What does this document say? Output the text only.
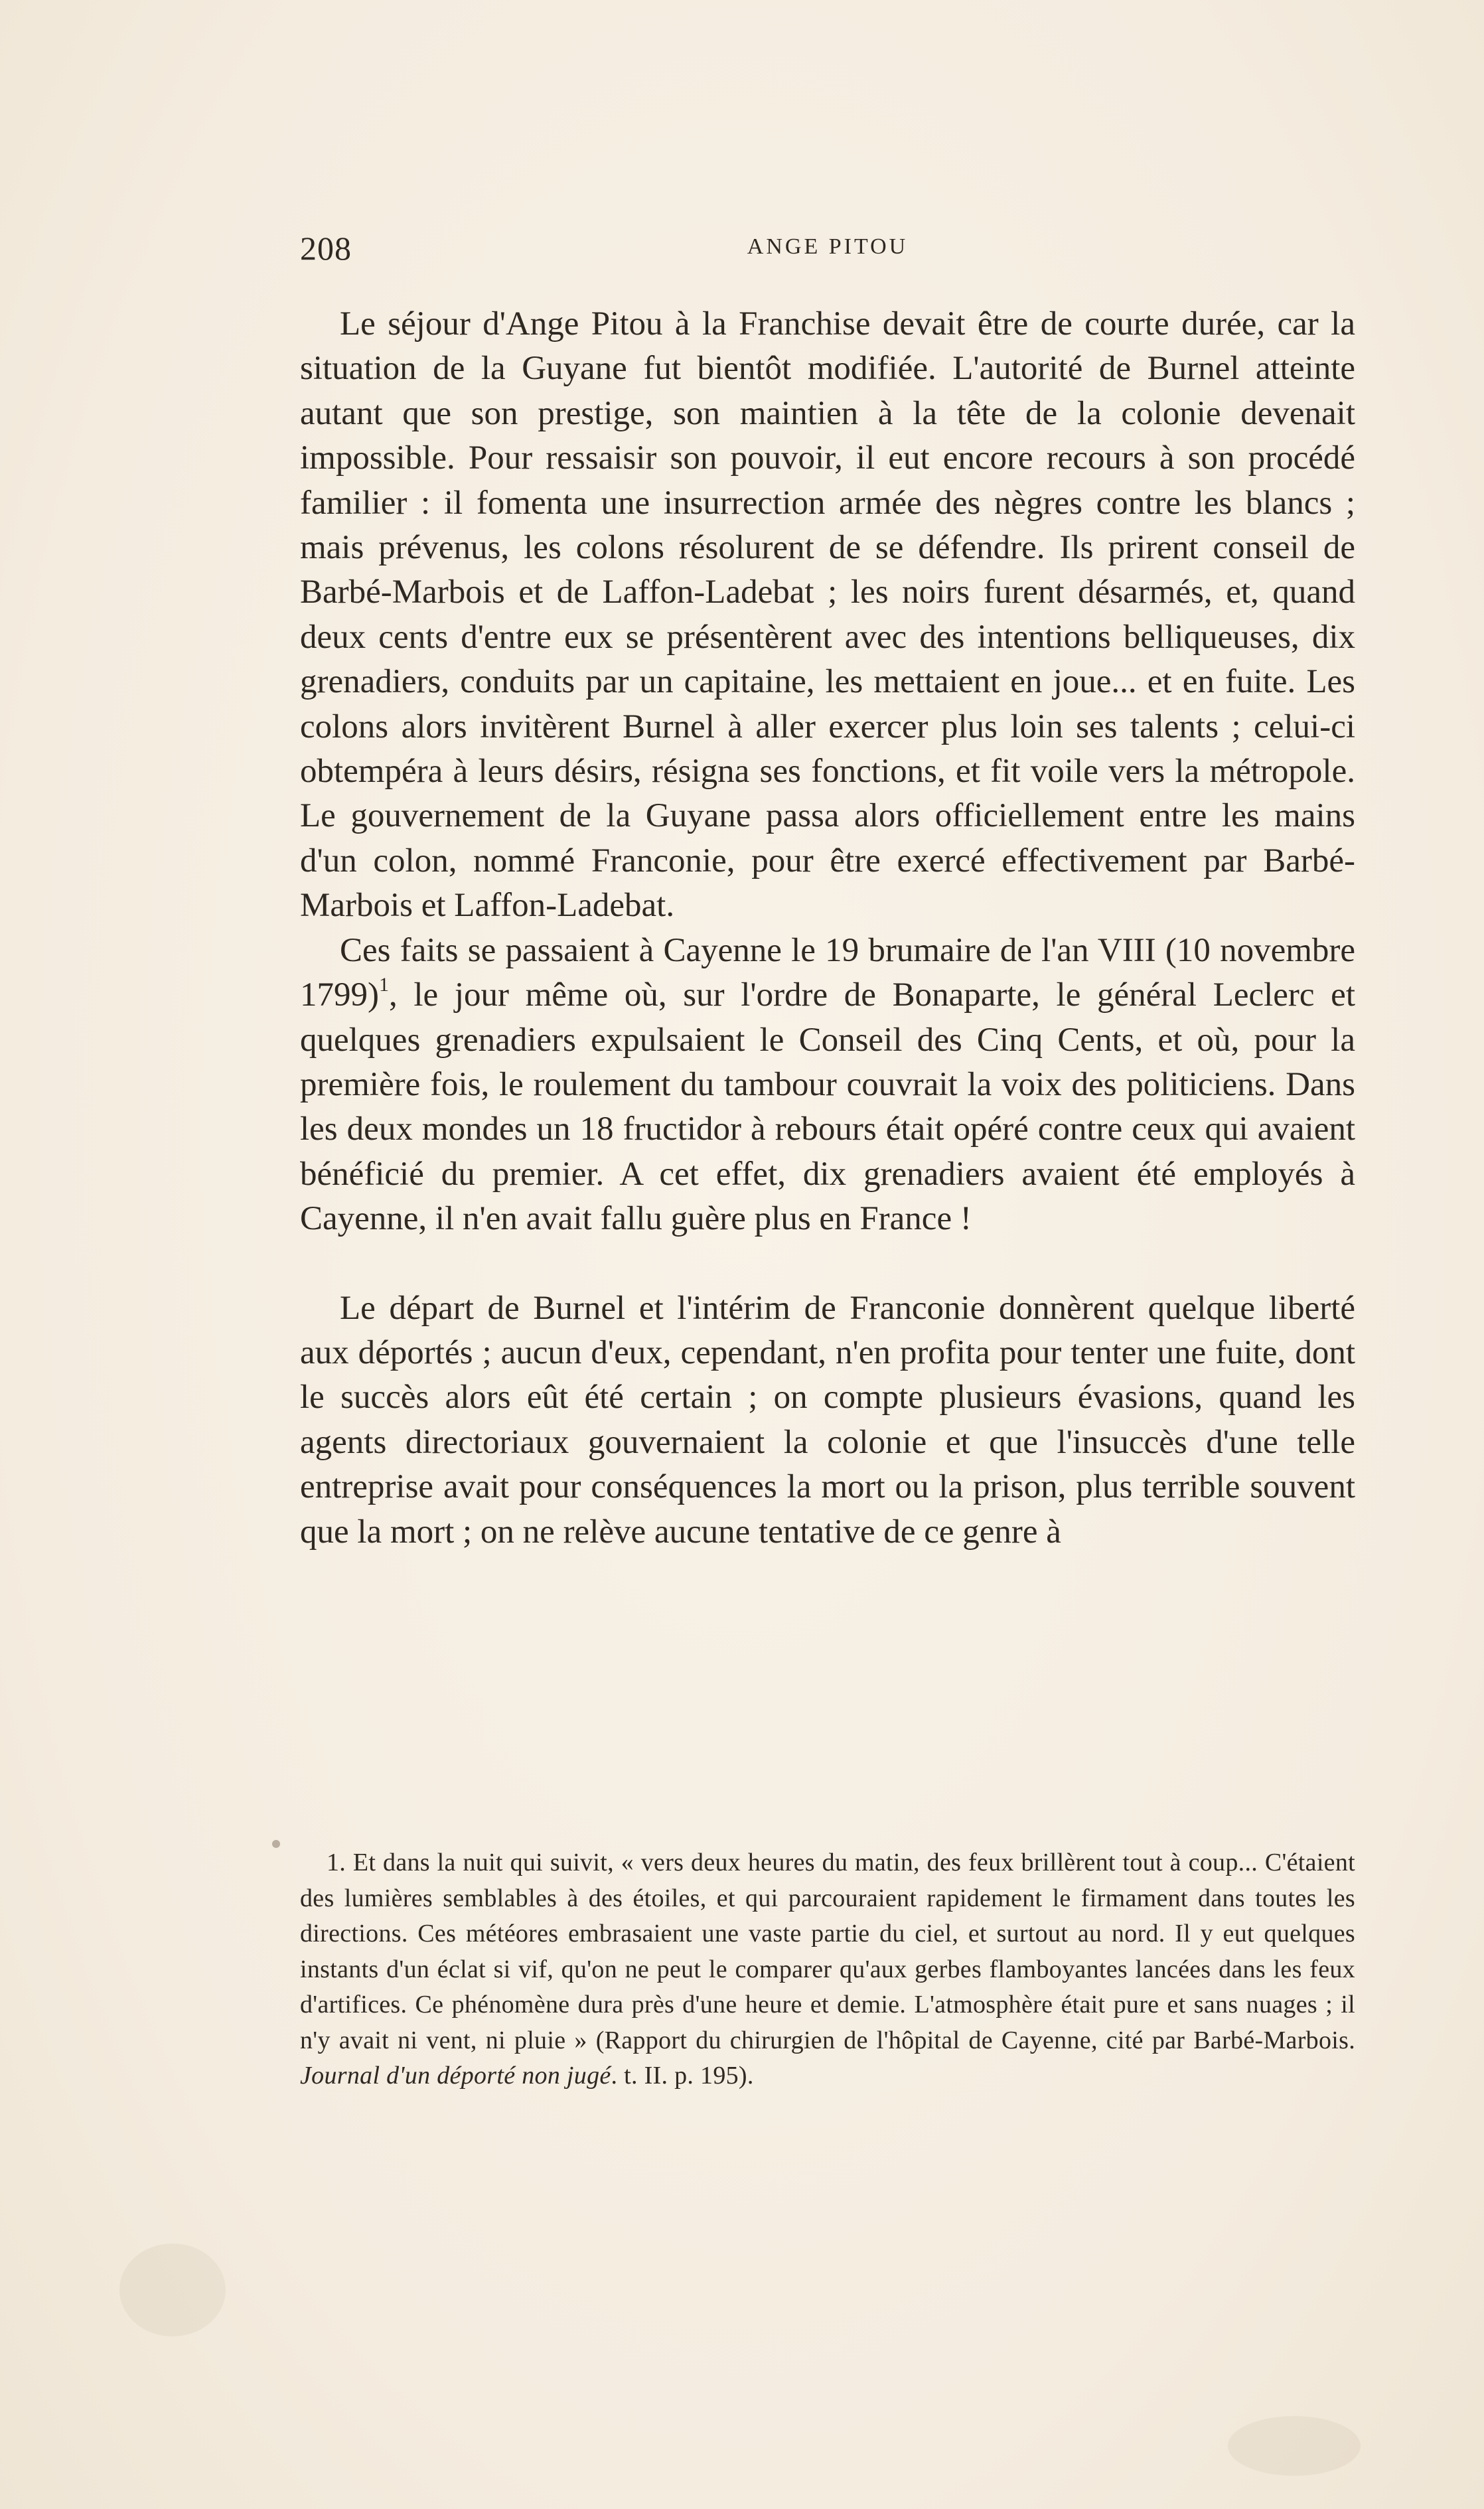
208	ANGE PITOU

Le séjour d'Ange Pitou à la Franchise devait être de courte durée, car la situation de la Guyane fut bientôt modifiée. L'autorité de Burnel atteinte autant que son prestige, son maintien à la tête de la colonie devenait impossible. Pour ressaisir son pouvoir, il eut encore recours à son procédé familier : il fomenta une insurrection armée des nègres contre les blancs ; mais prévenus, les colons résolurent de se défendre. Ils prirent conseil de Barbé-Marbois et de Laffon-Ladebat ; les noirs furent désarmés, et, quand deux cents d'entre eux se présentèrent avec des intentions belliqueuses, dix grenadiers, conduits par un capitaine, les mettaient en joue... et en fuite. Les colons alors invitèrent Burnel à aller exercer plus loin ses talents ; celui-ci obtempéra à leurs désirs, résigna ses fonctions, et fit voile vers la métropole. Le gouvernement de la Guyane passa alors officiellement entre les mains d'un colon, nommé Franconie, pour être exercé effectivement par Barbé-Marbois et Laffon-Ladebat.

Ces faits se passaient à Cayenne le 19 brumaire de l'an VIII (10 novembre 1799)$^1$, le jour même où, sur l'ordre de Bonaparte, le général Leclerc et quelques grenadiers expulsaient le Conseil des Cinq Cents, et où, pour la première fois, le roulement du tambour couvrait la voix des politiciens. Dans les deux mondes un 18 fructidor à rebours était opéré contre ceux qui avaient bénéficié du premier. A cet effet, dix grenadiers avaient été employés à Cayenne, il n'en avait fallu guère plus en France !

Le départ de Burnel et l'intérim de Franconie donnèrent quelque liberté aux déportés ; aucun d'eux, cependant, n'en profita pour tenter une fuite, dont le succès alors eût été certain ; on compte plusieurs évasions, quand les agents directoriaux gouvernaient la colonie et que l'insuccès d'une telle entreprise avait pour conséquences la mort ou la prison, plus terrible souvent que la mort ; on ne relève aucune tentative de ce genre à

1. Et dans la nuit qui suivit, « vers deux heures du matin, des feux brillèrent tout à coup... C'étaient des lumières semblables à des étoiles, et qui parcouraient rapidement le firmament dans toutes les directions. Ces météores embrasaient une vaste partie du ciel, et surtout au nord. Il y eut quelques instants d'un éclat si vif, qu'on ne peut le comparer qu'aux gerbes flamboyantes lancées dans les feux d'artifices. Ce phénomène dura près d'une heure et demie. L'atmosphère était pure et sans nuages ; il n'y avait ni vent, ni pluie » (Rapport du chirurgien de l'hôpital de Cayenne, cité par Barbé-Marbois. Journal d'un déporté non jugé. t. II. p. 195).
